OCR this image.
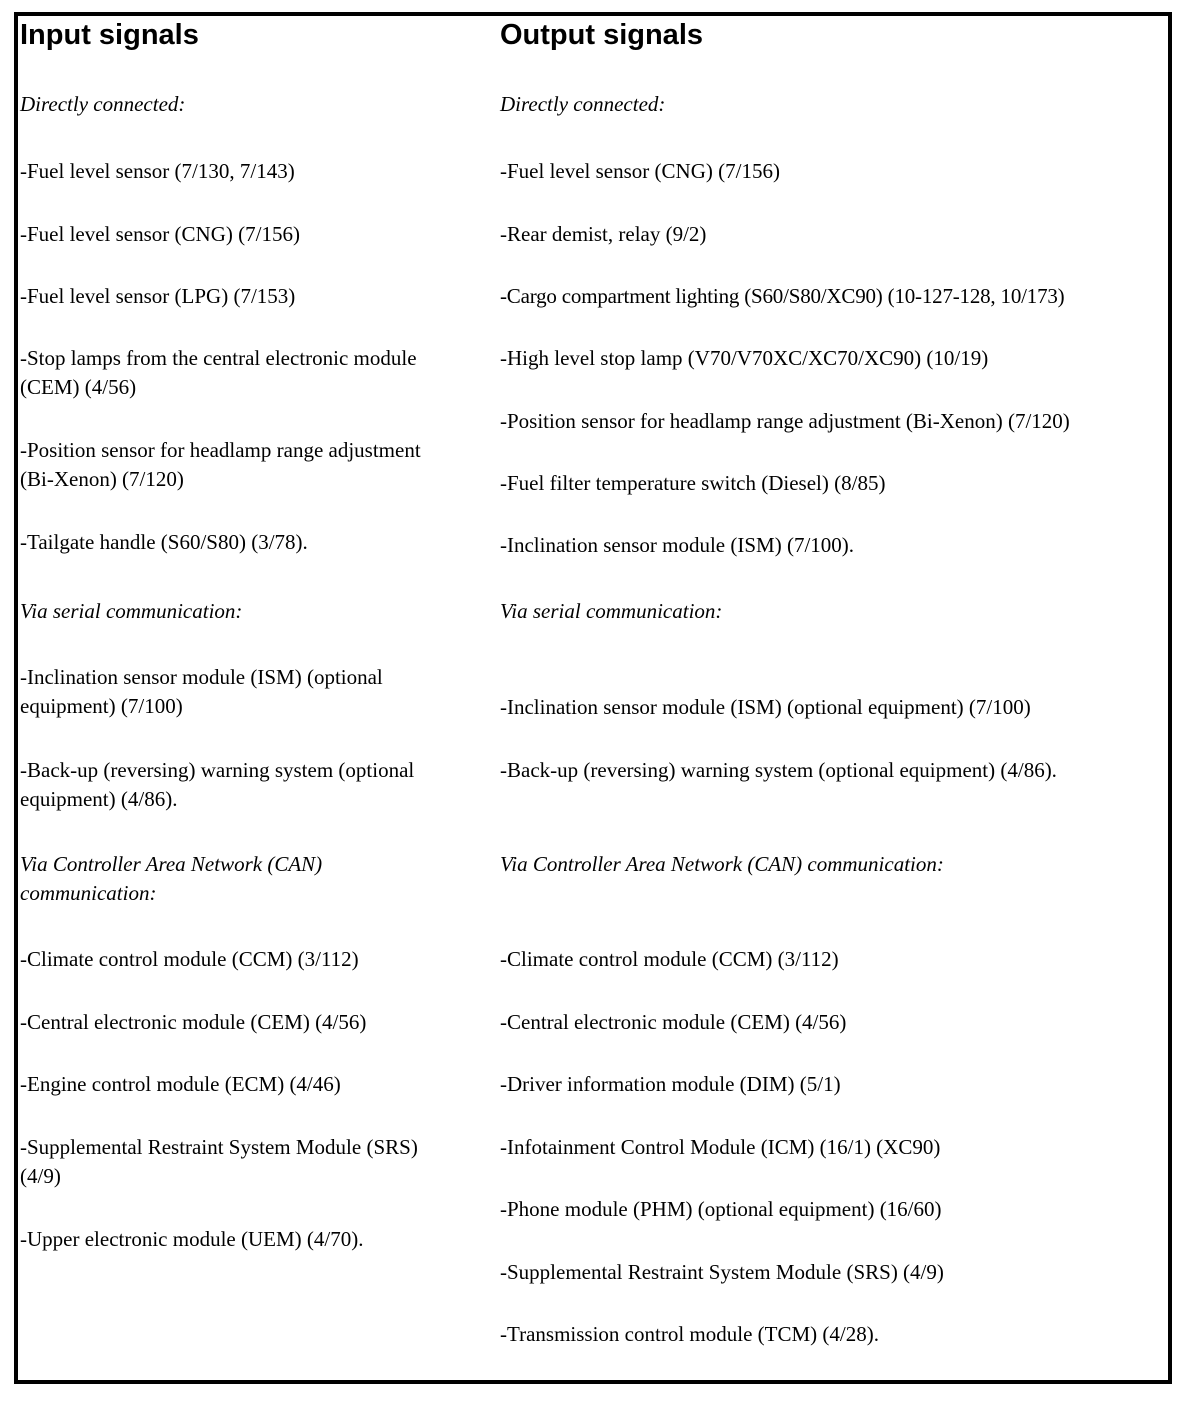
Input signals
Directly connected:
-Fuel level sensor (7/130, 7/143)
-Fuel level sensor (CNG) (7/156)
-Fuel level sensor (LPG) (7/153)
-Stop lamps from the central electronic module
(CEM) (4/56)
-Position sensor for headlamp range adjustment
(Bi-Xenon) (7/120)
-Tailgate handle (S60/S80) (3/78).
Via serial communication:
-Inclination sensor module (ISM) (optional
equipment) (7/100)
-Back-up (reversing) warning system (optional
equipment) (4/86).
Via Controller Area Network (CAN)
communication:
-Climate control module (CCM) (3/112)
-Central electronic module (CEM) (4/56)
-Engine control module (ECM) (4/46)
-Supplemental Restraint System Module (SRS)
(4/9)
-Upper electronic module (UEM) (4/70).
Output signals
Directly connected:
-Fuel level sensor (CNG) (7/156)
-Rear demist, relay (9/2)
-Cargo compartment lighting (S60/S80/XC90) (10-127-128, 10/173)
-High level stop lamp (V70/V70XC/XC70/XC90) (10/19)
-Position sensor for headlamp range adjustment (Bi-Xenon) (7/120)
-Fuel filter temperature switch (Diesel) (8/85)
-Inclination sensor module (ISM) (7/100).
Via serial communication:
-Inclination sensor module (ISM) (optional equipment) (7/100)
-Back-up (reversing) warning system (optional equipment) (4/86).
Via Controller Area Network (CAN) communication:
-Climate control module (CCM) (3/112)
-Central electronic module (CEM) (4/56)
-Driver information module (DIM) (5/1)
-Infotainment Control Module (ICM) (16/1) (XC90)
-Phone module (PHM) (optional equipment) (16/60)
-Supplemental Restraint System Module (SRS) (4/9)
-Transmission control module (TCM) (4/28).
